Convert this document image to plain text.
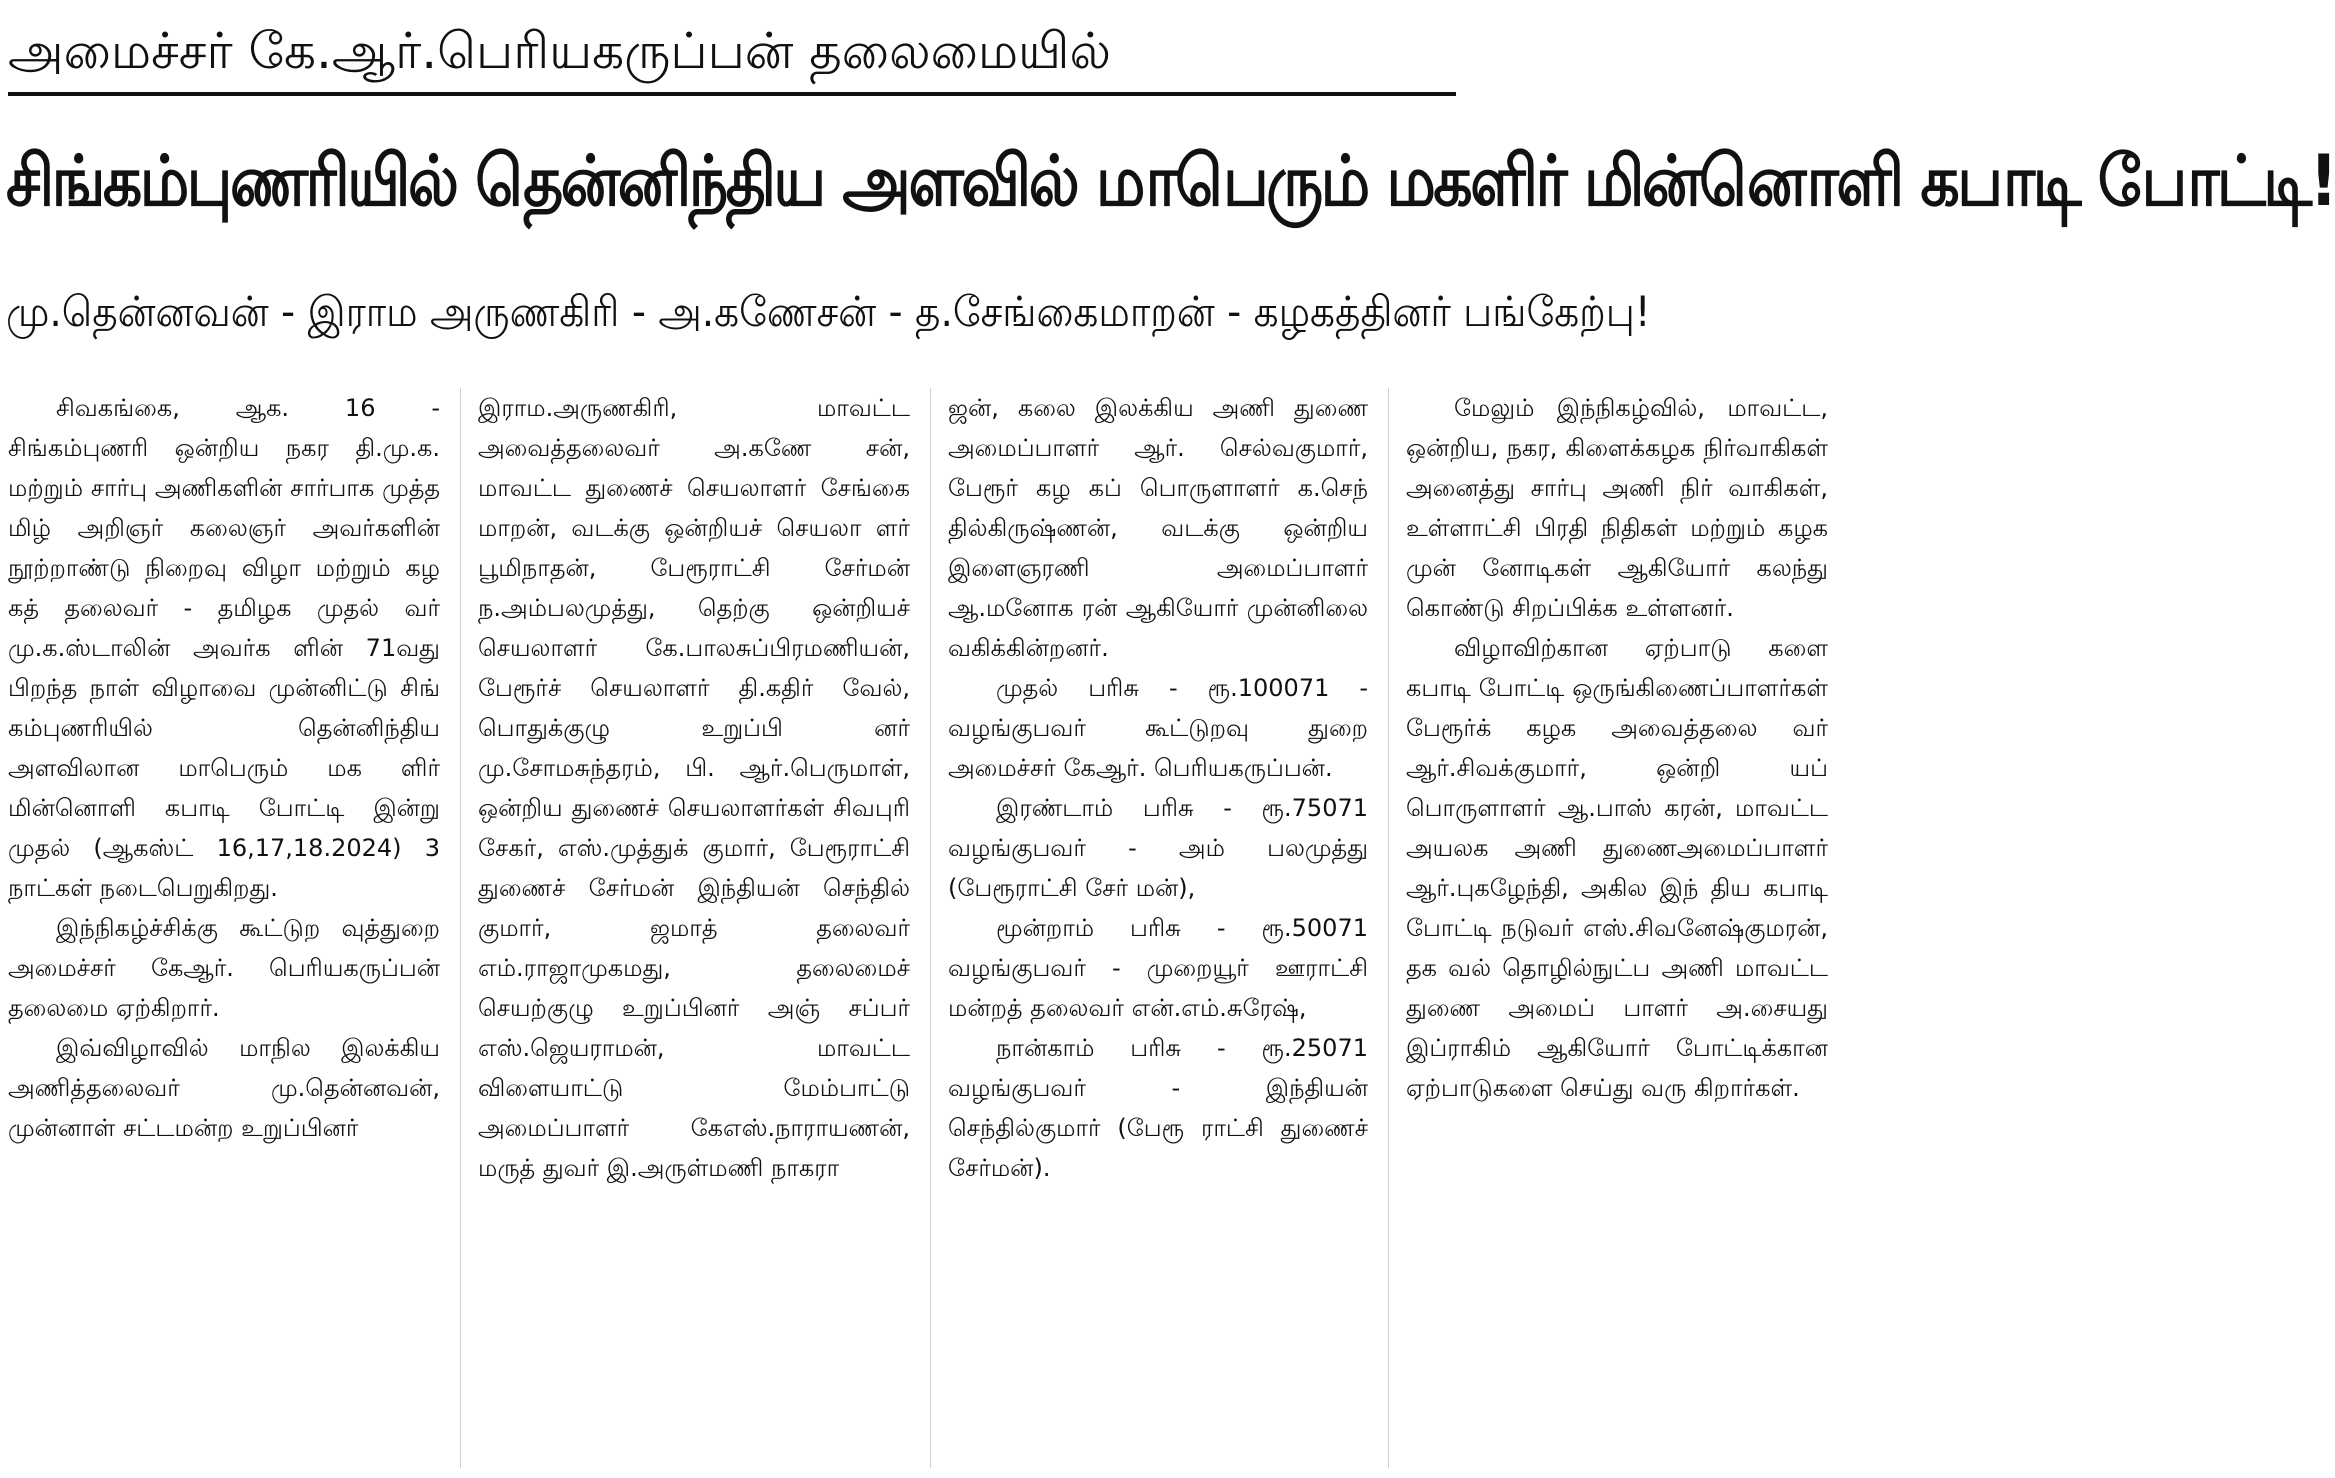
அமைச்சர் கே.ஆர்.பெரியகருப்பன் தலைமையில்
சிங்கம்புணரியில் தென்னிந்திய அளவில் மாபெரும் மகளிர் மின்னொளி கபாடி போட்டி!
மு.தென்னவன் - இராம அருணகிரி - அ.கணேசன் - த.சேங்கைமாறன் - கழகத்தினர் பங்கேற்பு!

சிவகங்கை, ஆக. 16 - சிங்கம்புணரி ஒன்றிய நகர தி.மு.க. மற்றும் சார்பு அணிகளின் சார்பாக முத்த மிழ் அறிஞர் கலைஞர் அவர்களின் நூற்றாண்டு நிறைவு விழா மற்றும் கழ கத் தலைவர் - தமிழக முதல் வர் மு.க.ஸ்டாலின் அவர்க ளின் 71வது பிறந்த நாள் விழாவை முன்னிட்டு சிங் கம்புணரியில் தென்னிந்திய அளவிலான மாபெரும் மக ளிர் மின்னொளி கபாடி போட்டி இன்று முதல் (ஆகஸ்ட் 16,17,18.2024) 3 நாட்கள் நடைபெறுகிறது.

இந்நிகழ்ச்சிக்கு கூட்டுற வுத்துறை அமைச்சர் கேஆர். பெரியகருப்பன் தலைமை ஏற்கிறார்.

இவ்விழாவில் மாநில இலக்கிய அணித்தலைவர் மு.தென்னவன், முன்னாள் சட்டமன்ற உறுப்பினர்

இராம.அருணகிரி, மாவட்ட அவைத்தலைவர் அ.கணே சன், மாவட்ட துணைச் செயலாளர் சேங்கை மாறன், வடக்கு ஒன்றியச் செயலா ளர் பூமிநாதன், பேரூராட்சி சேர்மன் ந.அம்பலமுத்து, தெற்கு ஒன்றியச் செயலாளர் கே.பாலசுப்பிரமணியன், பேரூர்ச் செயலாளர் தி.கதிர் வேல், பொதுக்குழு உறுப்பி னர் மு.சோமசுந்தரம், பி. ஆர்.பெருமாள், ஒன்றிய துணைச் செயலாளர்கள் சிவபுரி சேகர், எஸ்.முத்துக் குமார், பேரூராட்சி துணைச் சேர்மன் இந்தியன் செந்தில் குமார், ஜமாத் தலைவர் எம்.ராஜாமுகமது, தலைமைச் செயற்குழு உறுப்பினர் அஞ் சப்பர் எஸ்.ஜெயராமன், மாவட்ட விளையாட்டு மேம்பாட்டு அமைப்பாளர் கேஎஸ்.நாராயணன், மருத் துவர் இ.அருள்மணி நாகரா

ஜன், கலை இலக்கிய அணி துணை அமைப்பாளர் ஆர். செல்வகுமார், பேரூர் கழ கப் பொருளாளர் க.செந் தில்கிருஷ்ணன், வடக்கு ஒன்றிய இளைஞரணி அமைப்பாளர் ஆ.மனோக ரன் ஆகியோர் முன்னிலை வகிக்கின்றனர்.

முதல் பரிசு - ரூ.100071 - வழங்குபவர் கூட்டுறவு துறை அமைச்சர் கேஆர். பெரியகருப்பன்.

இரண்டாம் பரிசு - ரூ.75071 வழங்குபவர் - அம் பலமுத்து (பேரூராட்சி சேர் மன்),

மூன்றாம் பரிசு - ரூ.50071 வழங்குபவர் - முறையூர் ஊராட்சி மன்றத் தலைவர் என்.எம்.சுரேஷ்,

நான்காம் பரிசு - ரூ.25071 வழங்குபவர் - இந்தியன் செந்தில்குமார் (பேரூ ராட்சி துணைச் சேர்மன்).

மேலும் இந்நிகழ்வில், மாவட்ட, ஒன்றிய, நகர, கிளைக்கழக நிர்வாகிகள் அனைத்து சார்பு அணி நிர் வாகிகள், உள்ளாட்சி பிரதி நிதிகள் மற்றும் கழக முன் னோடிகள் ஆகியோர் கலந்து கொண்டு சிறப்பிக்க உள்ளனர்.

விழாவிற்கான ஏற்பாடு களை கபாடி போட்டி ஒருங்கிணைப்பாளர்கள் பேரூர்க் கழக அவைத்தலை வர் ஆர்.சிவக்குமார், ஒன்றி யப் பொருளாளர் ஆ.பாஸ் கரன், மாவட்ட அயலக அணி துணைஅமைப்பாளர் ஆர்.புகழேந்தி, அகில இந் திய கபாடி போட்டி நடுவர் எஸ்.சிவனேஷ்குமரன், தக வல் தொழில்நுட்ப அணி மாவட்ட துணை அமைப் பாளர் அ.சையது இப்ராகிம் ஆகியோர் போட்டிக்கான ஏற்பாடுகளை செய்து வரு கிறார்கள்.
